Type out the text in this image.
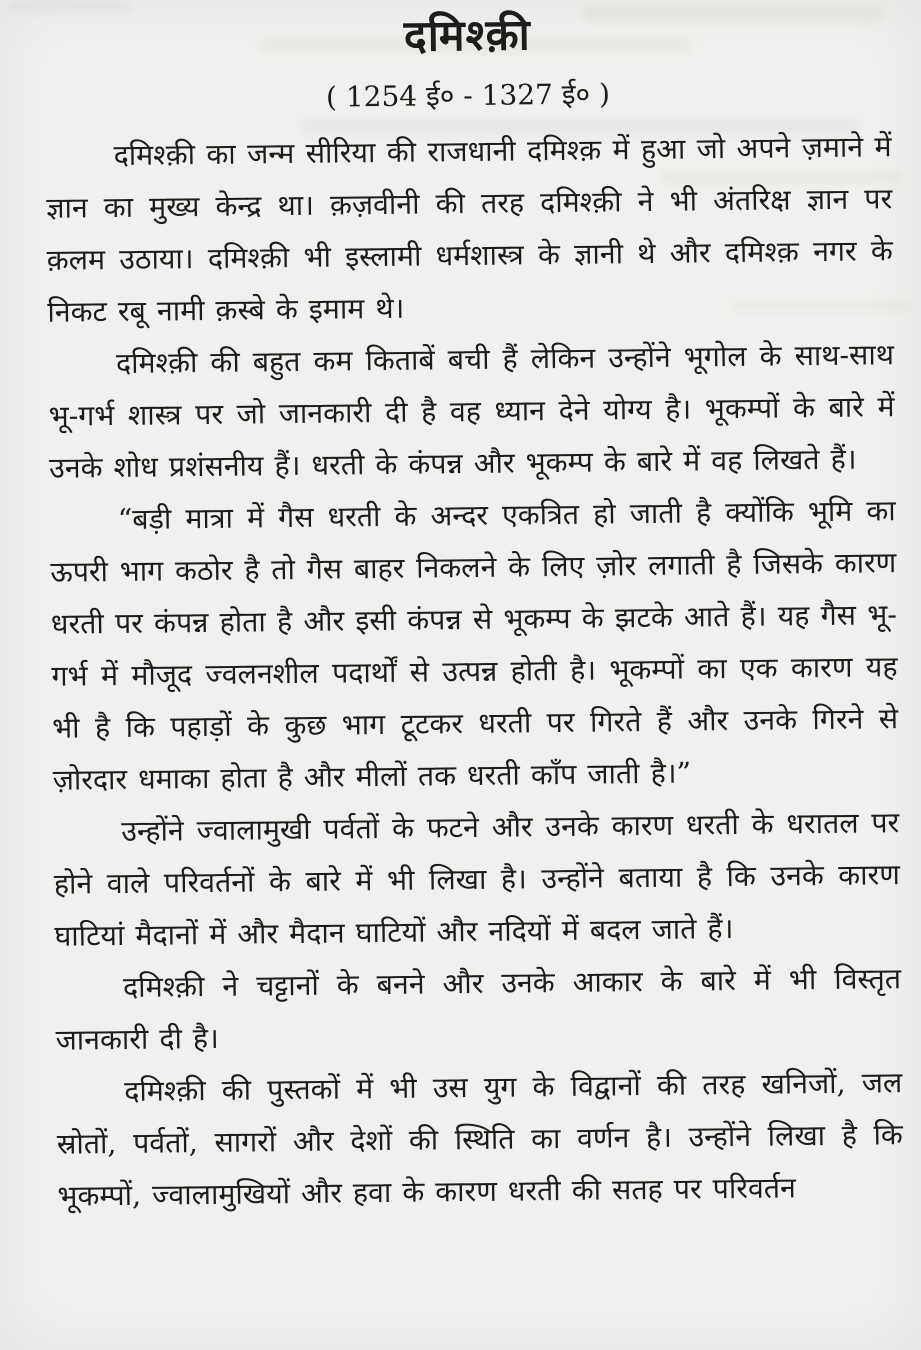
दमिश्क़ी
( 1254 ई० - 1327 ई० )

दमिश्क़ी का जन्म सीरिया की राजधानी दमिश्क़ में हुआ जो अपने ज़माने में ज्ञान का मुख्य केन्द्र था। क़ज़वीनी की तरह दमिश्क़ी ने भी अंतरिक्ष ज्ञान पर क़लम उठाया। दमिश्क़ी भी इस्लामी धर्मशास्त्र के ज्ञानी थे और दमिश्क़ नगर के निकट रबू नामी क़स्बे के इमाम थे।

दमिश्क़ी की बहुत कम किताबें बची हैं लेकिन उन्होंने भूगोल के साथ-साथ भू-गर्भ शास्त्र पर जो जानकारी दी है वह ध्यान देने योग्य है। भूकम्पों के बारे में उनके शोध प्रशंसनीय हैं। धरती के कंपन्न और भूकम्प के बारे में वह लिखते हैं।

“बड़ी मात्रा में गैस धरती के अन्दर एकत्रित हो जाती है क्योंकि भूमि का ऊपरी भाग कठोर है तो गैस बाहर निकलने के लिए ज़ोर लगाती है जिसके कारण धरती पर कंपन्न होता है और इसी कंपन्न से भूकम्प के झटके आते हैं। यह गैस भू-गर्भ में मौजूद ज्वलनशील पदार्थों से उत्पन्न होती है। भूकम्पों का एक कारण यह भी है कि पहाड़ों के कुछ भाग टूटकर धरती पर गिरते हैं और उनके गिरने से ज़ोरदार धमाका होता है और मीलों तक धरती काँप जाती है।”

उन्होंने ज्वालामुखी पर्वतों के फटने और उनके कारण धरती के धरातल पर होने वाले परिवर्तनों के बारे में भी लिखा है। उन्होंने बताया है कि उनके कारण घाटियां मैदानों में और मैदान घाटियों और नदियों में बदल जाते हैं।

दमिश्क़ी ने चट्टानों के बनने और उनके आकार के बारे में भी विस्तृत जानकारी दी है।

दमिश्क़ी की पुस्तकों में भी उस युग के विद्वानों की तरह खनिजों, जल स्रोतों, पर्वतों, सागरों और देशों की स्थिति का वर्णन है। उन्होंने लिखा है कि भूकम्पों, ज्वालामुखियों और हवा के कारण धरती की सतह पर परिवर्तन
